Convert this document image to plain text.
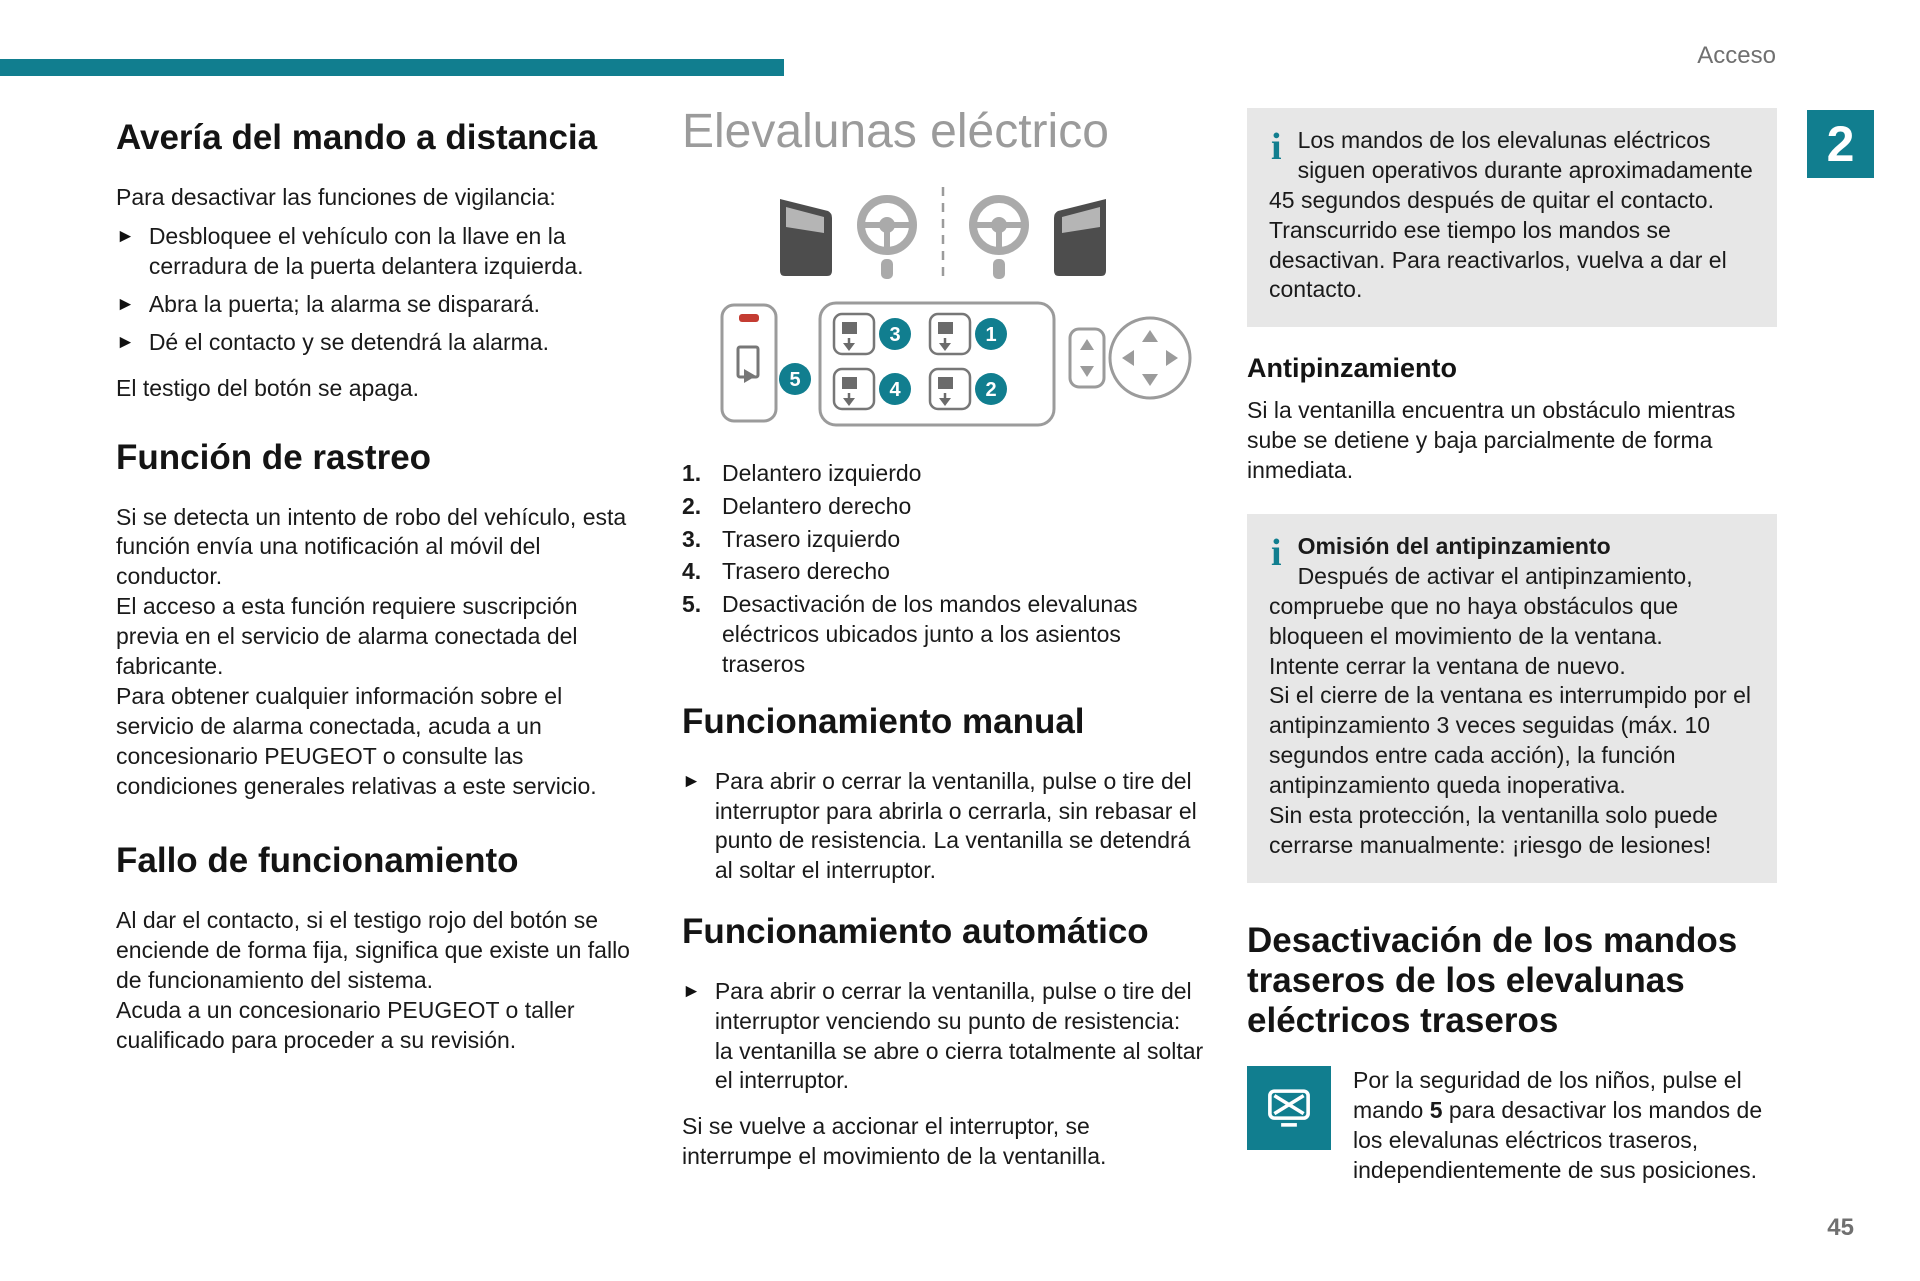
Acceso
2
Avería del mando a distancia

Para desactivar las funciones de vigilancia:

► Desbloquee el vehículo con la llave en la cerradura de la puerta delantera izquierda.

► Abra la puerta; la alarma se disparará.

► Dé el contacto y se detendrá la alarma.

El testigo del botón se apaga.

Función de rastreo

Si se detecta un intento de robo del vehículo, esta función envía una notificación al móvil del conductor.

El acceso a esta función requiere suscripción previa en el servicio de alarma conectada del fabricante.

Para obtener cualquier información sobre el servicio de alarma conectada, acuda a un concesionario PEUGEOT o consulte las condiciones generales relativas a este servicio.

Fallo de funcionamiento

Al dar el contacto, si el testigo rojo del botón se enciende de forma fija, significa que existe un fallo de funcionamiento del sistema.

Acuda a un concesionario PEUGEOT o taller cualificado para proceder a su revisión.

Elevalunas eléctrico
5
3	1
4	2
1. Delantero izquierdo

2. Delantero derecho

3. Trasero izquierdo

4. Trasero derecho

5. Desactivación de los mandos elevalunas eléctricos ubicados junto a los asientos traseros

Funcionamiento manual
► Para abrir o cerrar la ventanilla, pulse o tire del interruptor para abrirla o cerrarla, sin rebasar el punto de resistencia. La ventanilla se detendrá al soltar el interruptor.

Funcionamiento automático
► Para abrir o cerrar la ventanilla, pulse o tire del interruptor venciendo su punto de resistencia: la ventanilla se abre o cierra totalmente al soltar el interruptor.

Si se vuelve a accionar el interruptor, se interrumpe el movimiento de la ventanilla.

i Los mandos de los elevalunas eléctricos siguen operativos durante aproximadamente 45 segundos después de quitar el contacto.

Transcurrido ese tiempo los mandos se desactivan. Para reactivarlos, vuelva a dar el contacto.

Antipinzamiento

Si la ventanilla encuentra un obstáculo mientras sube se detiene y baja parcialmente de forma inmediata.

i Omisión del antipinzamiento

Después de activar el antipinzamiento, compruebe que no haya obstáculos que bloqueen el movimiento de la ventana.

Intente cerrar la ventana de nuevo.

Si el cierre de la ventana es interrumpido por el antipinzamiento 3 veces seguidas (máx. 10 segundos entre cada acción), la función antipinzamiento queda inoperativa.

Sin esta protección, la ventanilla solo puede cerrarse manualmente: ¡riesgo de lesiones!

Desactivación de los mandos traseros de los elevalunas eléctricos traseros

Por la seguridad de los niños, pulse el mando 5 para desactivar los mandos de los elevalunas eléctricos traseros, independientemente de sus posiciones.

45
